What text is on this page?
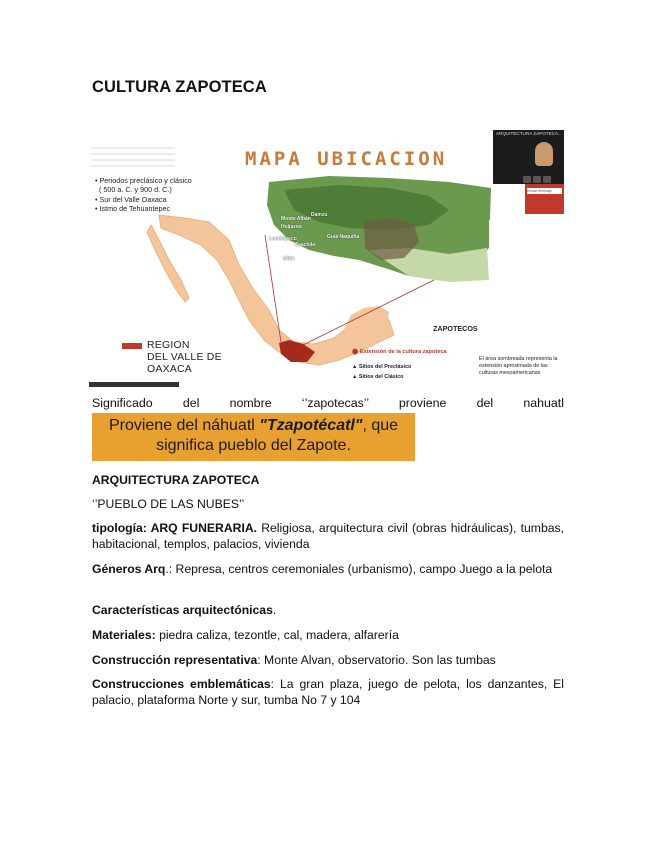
CULTURA ZAPOTECA
MAPA UBICACION
• Periodos preclásico y clásico
( 500 a. C. y 900 d. C.)
• Sur del Valle Oaxaca
• Istmo de Tehuantepec
Monte Albán
Dainzú
Huijazoo
Lambityeco	Guiá Naquiña
Zaachila
Mitla
ZAPOTECOS
REGION
DEL VALLE DE
OAXACA
⬤ Extensión de la cultura zapoteca
▲ Sitios del Preclásico
▲ Sitios del Clásico
El área sombreada representa la extensión aproximada de las culturas mesoamericanas
ARQUITECTURA ZAPOTECA...
Enviar mensaje
Significado del nombre ‘’zapotecas’’ proviene del nahuatl
Proviene del náhuatl "Tzapotécatl", que significa pueblo del Zapote.
ARQUITECTURA ZAPOTECA
‘’PUEBLO DE LAS NUBES’’
tipología: ARQ FUNERARIA. Religiosa, arquitectura civil (obras hidráulicas), tumbas, habitacional, templos, palacios, vivienda
Géneros Arq.: Represa, centros ceremoniales (urbanismo), campo Juego a la pelota
Características arquitectónicas.
Materiales: piedra caliza, tezontle, cal, madera, alfarería
Construcción representativa: Monte Alvan, observatorio. Son las tumbas
Construcciones emblemáticas: La gran plaza, juego de pelota, los danzantes, El palacio, plataforma Norte y sur, tumba No 7 y 104
